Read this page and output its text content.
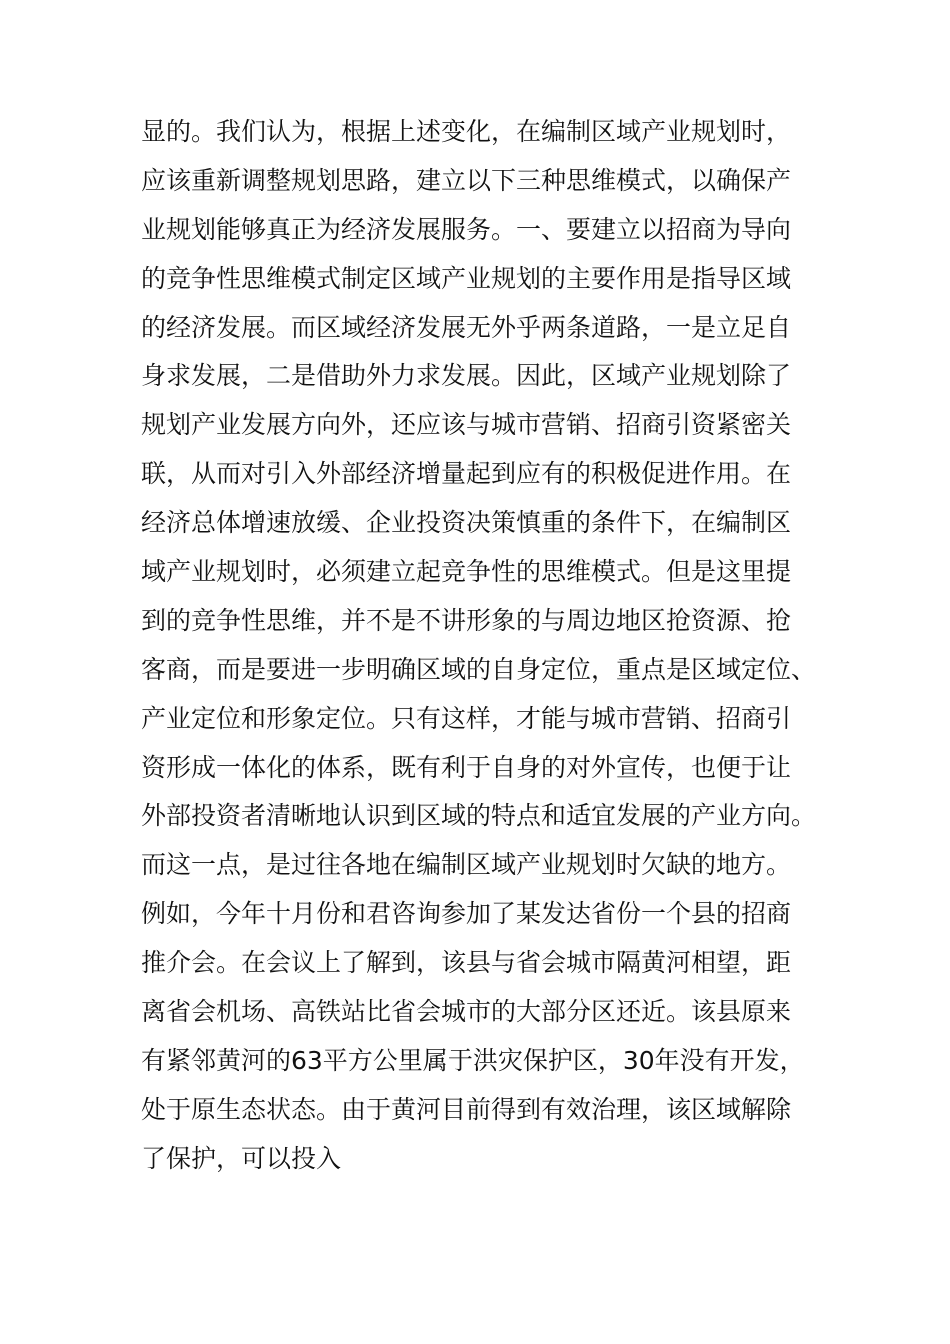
显的。我们认为，根据上述变化，在编制区域产业规划时，
应该重新调整规划思路，建立以下三种思维模式，以确保产
业规划能够真正为经济发展服务。一、要建立以招商为导向
的竞争性思维模式制定区域产业规划的主要作用是指导区域
的经济发展。而区域经济发展无外乎两条道路，一是立足自
身求发展，二是借助外力求发展。因此，区域产业规划除了
规划产业发展方向外，还应该与城市营销、招商引资紧密关
联，从而对引入外部经济增量起到应有的积极促进作用。在
经济总体增速放缓、企业投资决策慎重的条件下，在编制区
域产业规划时，必须建立起竞争性的思维模式。但是这里提
到的竞争性思维，并不是不讲形象的与周边地区抢资源、抢
客商，而是要进一步明确区域的自身定位，重点是区域定位、
产业定位和形象定位。只有这样，才能与城市营销、招商引
资形成一体化的体系，既有利于自身的对外宣传，也便于让
外部投资者清晰地认识到区域的特点和适宜发展的产业方向。
而这一点，是过往各地在编制区域产业规划时欠缺的地方。
例如，今年十月份和君咨询参加了某发达省份一个县的招商
推介会。在会议上了解到，该县与省会城市隔黄河相望，距
离省会机场、高铁站比省会城市的大部分区还近。该县原来
有紧邻黄河的63平方公里属于洪灾保护区，30年没有开发，
处于原生态状态。由于黄河目前得到有效治理，该区域解除
了保护，可以投入
